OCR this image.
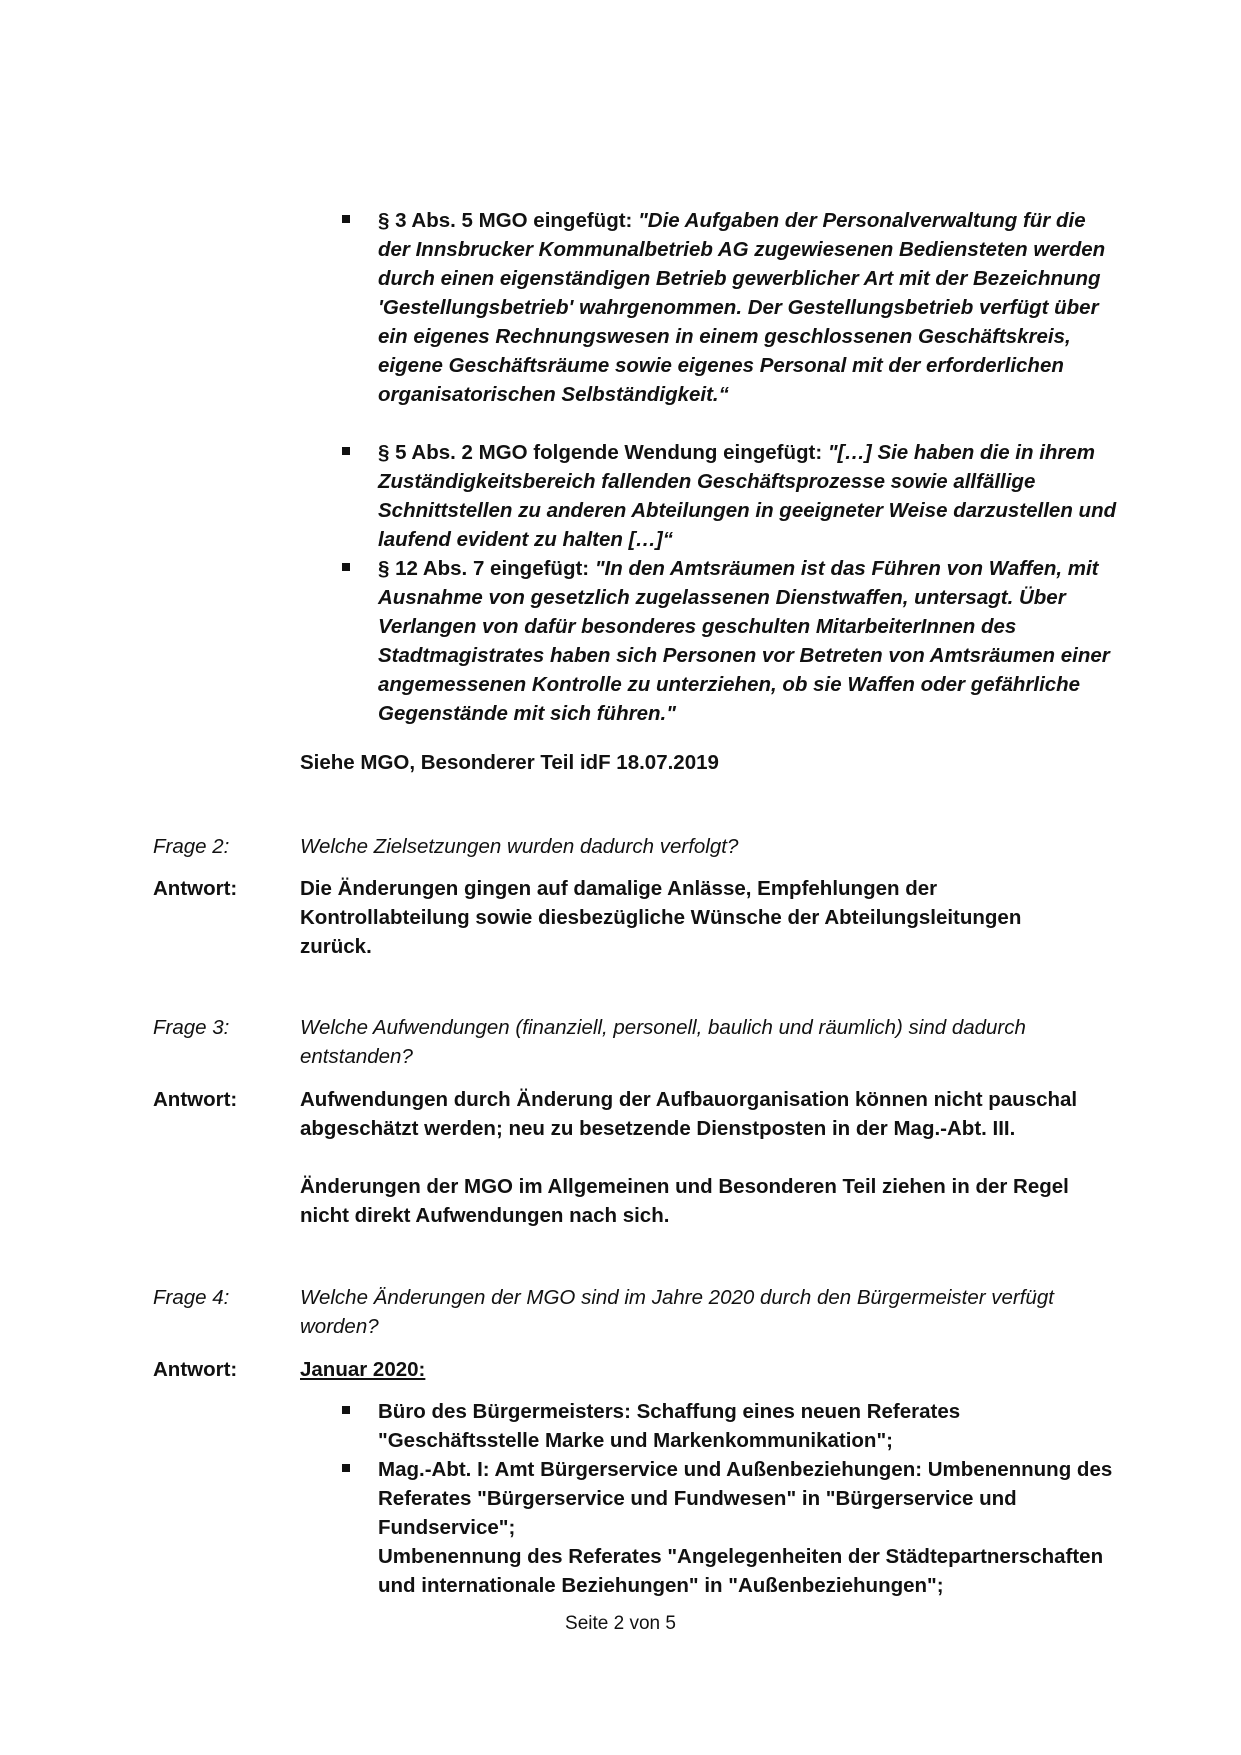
§ 3 Abs. 5 MGO eingefügt: "Die Aufgaben der Personalverwaltung für die der Innsbrucker Kommunalbetrieb AG zugewiesenen Bediensteten werden durch einen eigenständigen Betrieb gewerblicher Art mit der Bezeichnung 'Gestellungsbetrieb' wahrgenommen. Der Gestellungsbetrieb verfügt über ein eigenes Rechnungswesen in einem geschlossenen Geschäftskreis, eigene Geschäftsräume sowie eigenes Personal mit der erforderlichen organisatorischen Selbständigkeit.“
§ 5 Abs. 2 MGO folgende Wendung eingefügt: "[…] Sie haben die in ihrem Zuständigkeitsbereich fallenden Geschäftsprozesse sowie allfällige Schnittstellen zu anderen Abteilungen in geeigneter Weise darzustellen und laufend evident zu halten […]“
§ 12 Abs. 7 eingefügt: "In den Amtsräumen ist das Führen von Waffen, mit Ausnahme von gesetzlich zugelassenen Dienstwaffen, untersagt. Über Verlangen von dafür besonderes geschulten MitarbeiterInnen des Stadtmagistrates haben sich Personen vor Betreten von Amtsräumen einer angemessenen Kontrolle zu unterziehen, ob sie Waffen oder gefährliche Gegenstände mit sich führen."
Siehe MGO, Besonderer Teil idF 18.07.2019
Frage 2:	Welche Zielsetzungen wurden dadurch verfolgt?
Antwort:	Die Änderungen gingen auf damalige Anlässe, Empfehlungen der Kontrollabteilung sowie diesbezügliche Wünsche der Abteilungsleitungen zurück.
Frage 3:	Welche Aufwendungen (finanziell, personell, baulich und räumlich) sind dadurch entstanden?
Antwort:	Aufwendungen durch Änderung der Aufbauorganisation können nicht pauschal abgeschätzt werden; neu zu besetzende Dienstposten in der Mag.-Abt. III.
Änderungen der MGO im Allgemeinen und Besonderen Teil ziehen in der Regel nicht direkt Aufwendungen nach sich.
Frage 4:	Welche Änderungen der MGO sind im Jahre 2020 durch den Bürgermeister verfügt worden?
Antwort:	Januar 2020:
Büro des Bürgermeisters: Schaffung eines neuen Referates "Geschäftsstelle Marke und Markenkommunikation";
Mag.-Abt. I: Amt Bürgerservice und Außenbeziehungen: Umbenennung des Referates "Bürgerservice und Fundwesen" in "Bürgerservice und Fundservice";
Umbenennung des Referates "Angelegenheiten der Städtepartnerschaften und internationale Beziehungen" in "Außenbeziehungen";
Seite 2 von 5
